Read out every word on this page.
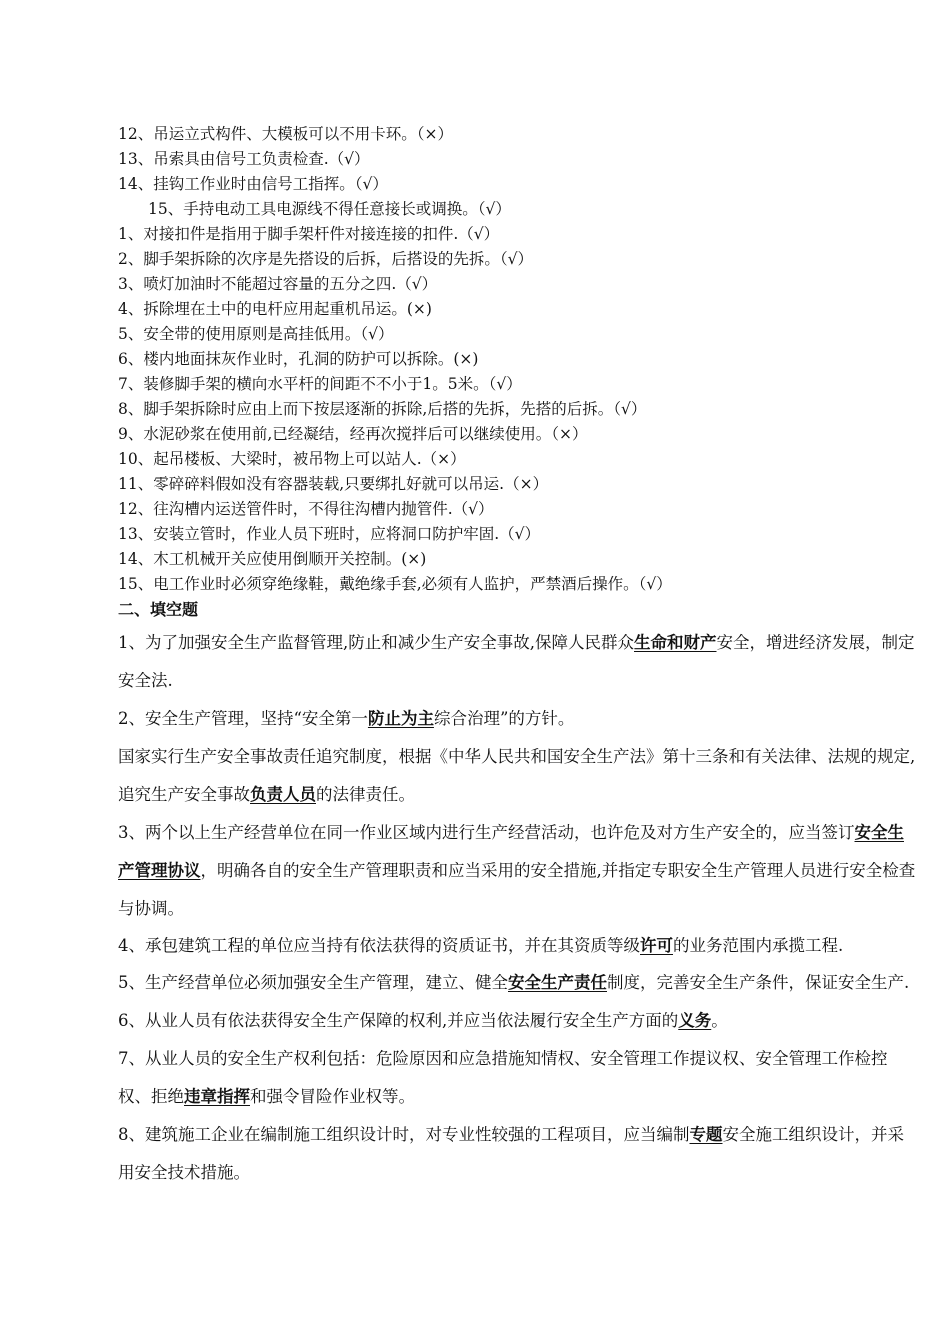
12、吊运立式构件、大模板可以不用卡环。（×）
13、吊索具由信号工负责检查.（√）
14、挂钩工作业时由信号工指挥。（√）
15、手持电动工具电源线不得任意接长或调换。（√）
1、对接扣件是指用于脚手架杆件对接连接的扣件.（√）
2、脚手架拆除的次序是先搭设的后拆，后搭设的先拆。（√）
3、喷灯加油时不能超过容量的五分之四.（√）
4、拆除埋在土中的电杆应用起重机吊运。(×)
5、安全带的使用原则是高挂低用。（√）
6、楼内地面抹灰作业时，孔洞的防护可以拆除。(×)
7、装修脚手架的横向水平杆的间距不不小于1。5米。（√）
8、脚手架拆除时应由上而下按层逐渐的拆除,后搭的先拆，先搭的后拆。（√）
9、水泥砂浆在使用前,已经凝结，经再次搅拌后可以继续使用。（×）
10、起吊楼板、大梁时，被吊物上可以站人.（×）
11、零碎碎料假如没有容器装载,只要绑扎好就可以吊运.（×）
12、往沟槽内运送管件时，不得往沟槽内抛管件.（√）
13、安装立管时，作业人员下班时，应将洞口防护牢固.（√）
14、木工机械开关应使用倒顺开关控制。(×)
15、电工作业时必须穿绝缘鞋，戴绝缘手套,必须有人监护，严禁酒后操作。（√）
二、填空题

1、为了加强安全生产监督管理,防止和减少生产安全事故,保障人民群众生命和财产安全，增进经济发展，制定安全法.

2、安全生产管理，坚持“安全第一防止为主综合治理”的方针。

国家实行生产安全事故责任追究制度，根据《中华人民共和国安全生产法》第十三条和有关法律、法规的规定,追究生产安全事故负责人员的法律责任。

3、两个以上生产经营单位在同一作业区域内进行生产经营活动，也许危及对方生产安全的，应当签订安全生产管理协议，明确各自的安全生产管理职责和应当采用的安全措施,并指定专职安全生产管理人员进行安全检查与协调。

4、承包建筑工程的单位应当持有依法获得的资质证书，并在其资质等级许可的业务范围内承揽工程.

5、生产经营单位必须加强安全生产管理，建立、健全安全生产责任制度，完善安全生产条件，保证安全生产.

6、从业人员有依法获得安全生产保障的权利,并应当依法履行安全生产方面的义务。

7、从业人员的安全生产权利包括：危险原因和应急措施知情权、安全管理工作提议权、安全管理工作检控权、拒绝违章指挥和强令冒险作业权等。

8、建筑施工企业在编制施工组织设计时，对专业性较强的工程项目，应当编制专题安全施工组织设计，并采用安全技术措施。
